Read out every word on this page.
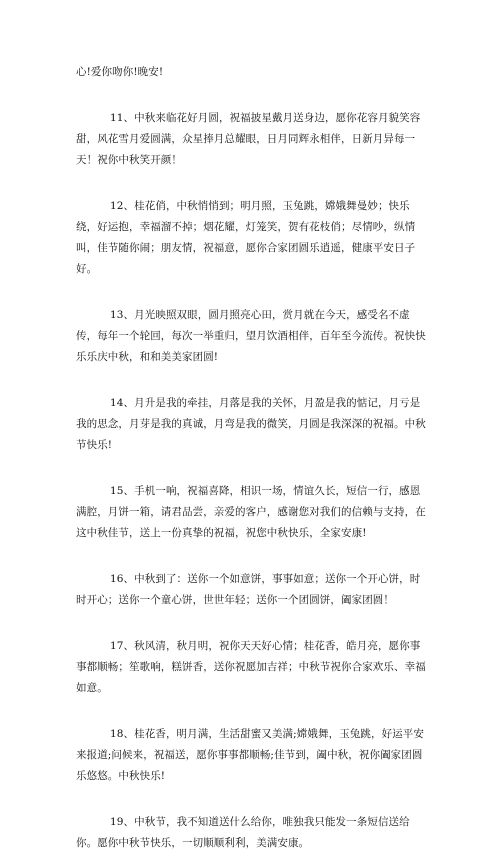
心!爱你吻你!晚安!

11、中秋来临花好月圆，祝福披星戴月送身边，愿你花容月貌笑容甜，风花雪月爱圆满，众星捧月总耀眼，日月同辉永相伴，日新月异每一天！祝你中秋笑开颜！

12、桂花俏，中秋悄悄到；明月照，玉兔跳，嫦娥舞曼妙；快乐绕，好运抱，幸福溜不掉；烟花耀，灯笼笑，贺有花枝俏；尽情吵，纵情叫，佳节随你闹；朋友情，祝福意，愿你合家团圆乐逍遥，健康平安日子好。

13、月光映照双眼，圆月照亮心田，赏月就在今天，感受名不虚传，每年一个轮回，每次一举重归，望月饮酒相伴，百年至今流传。祝快快乐乐庆中秋，和和美美家团圆!

14、月升是我的牵挂，月落是我的关怀，月盈是我的惦记，月亏是我的思念，月芽是我的真诚，月弯是我的微笑，月圆是我深深的祝福。中秋节快乐!

15、手机一响，祝福喜降，相识一场，情谊久长，短信一行，感恩满腔，月饼一箱，请君品尝，亲爱的客户，感谢您对我们的信赖与支持，在这中秋佳节，送上一份真挚的祝福，祝您中秋快乐，全家安康!

16、中秋到了：送你一个如意饼，事事如意；送你一个开心饼，时时开心；送你一个童心饼，世世年轻；送你一个团圆饼，阖家团圆！

17、秋风清，秋月明，祝你天天好心情；桂花香，皓月亮，愿你事事都顺畅；笙歌响，糕饼香，送你祝愿加吉祥；中秋节祝你合家欢乐、幸福如意。

18、桂花香，明月满，生活甜蜜又美满;嫦娥舞，玉兔跳，好运平安来报道;问候来，祝福送，愿你事事都顺畅;佳节到，阖中秋，祝你阖家团圆乐悠悠。中秋快乐!

19、中秋节，我不知道送什么给你，唯独我只能发一条短信送给你。愿你中秋节快乐，一切顺顺利利，美满安康。
